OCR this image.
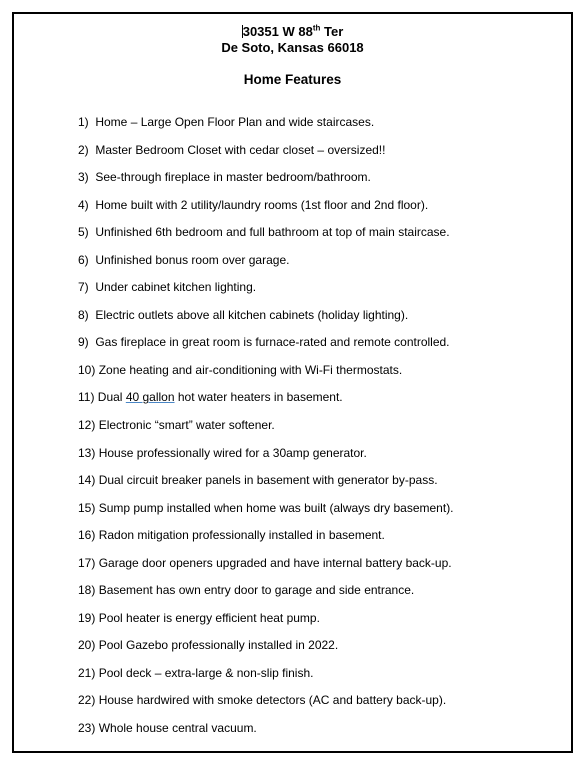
30351 W 88th Ter
De Soto, Kansas 66018
Home Features
1) Home – Large Open Floor Plan and wide staircases.
2) Master Bedroom Closet with cedar closet – oversized!!
3) See-through fireplace in master bedroom/bathroom.
4) Home built with 2 utility/laundry rooms (1st floor and 2nd floor).
5) Unfinished 6th bedroom and full bathroom at top of main staircase.
6) Unfinished bonus room over garage.
7) Under cabinet kitchen lighting.
8) Electric outlets above all kitchen cabinets (holiday lighting).
9) Gas fireplace in great room is furnace-rated and remote controlled.
10) Zone heating and air-conditioning with Wi-Fi thermostats.
11) Dual 40 gallon hot water heaters in basement.
12) Electronic “smart” water softener.
13) House professionally wired for a 30amp generator.
14) Dual circuit breaker panels in basement with generator by-pass.
15) Sump pump installed when home was built (always dry basement).
16) Radon mitigation professionally installed in basement.
17) Garage door openers upgraded and have internal battery back-up.
18) Basement has own entry door to garage and side entrance.
19) Pool heater is energy efficient heat pump.
20) Pool Gazebo professionally installed in 2022.
21) Pool deck – extra-large & non-slip finish.
22) House hardwired with smoke detectors (AC and battery back-up).
23) Whole house central vacuum.
